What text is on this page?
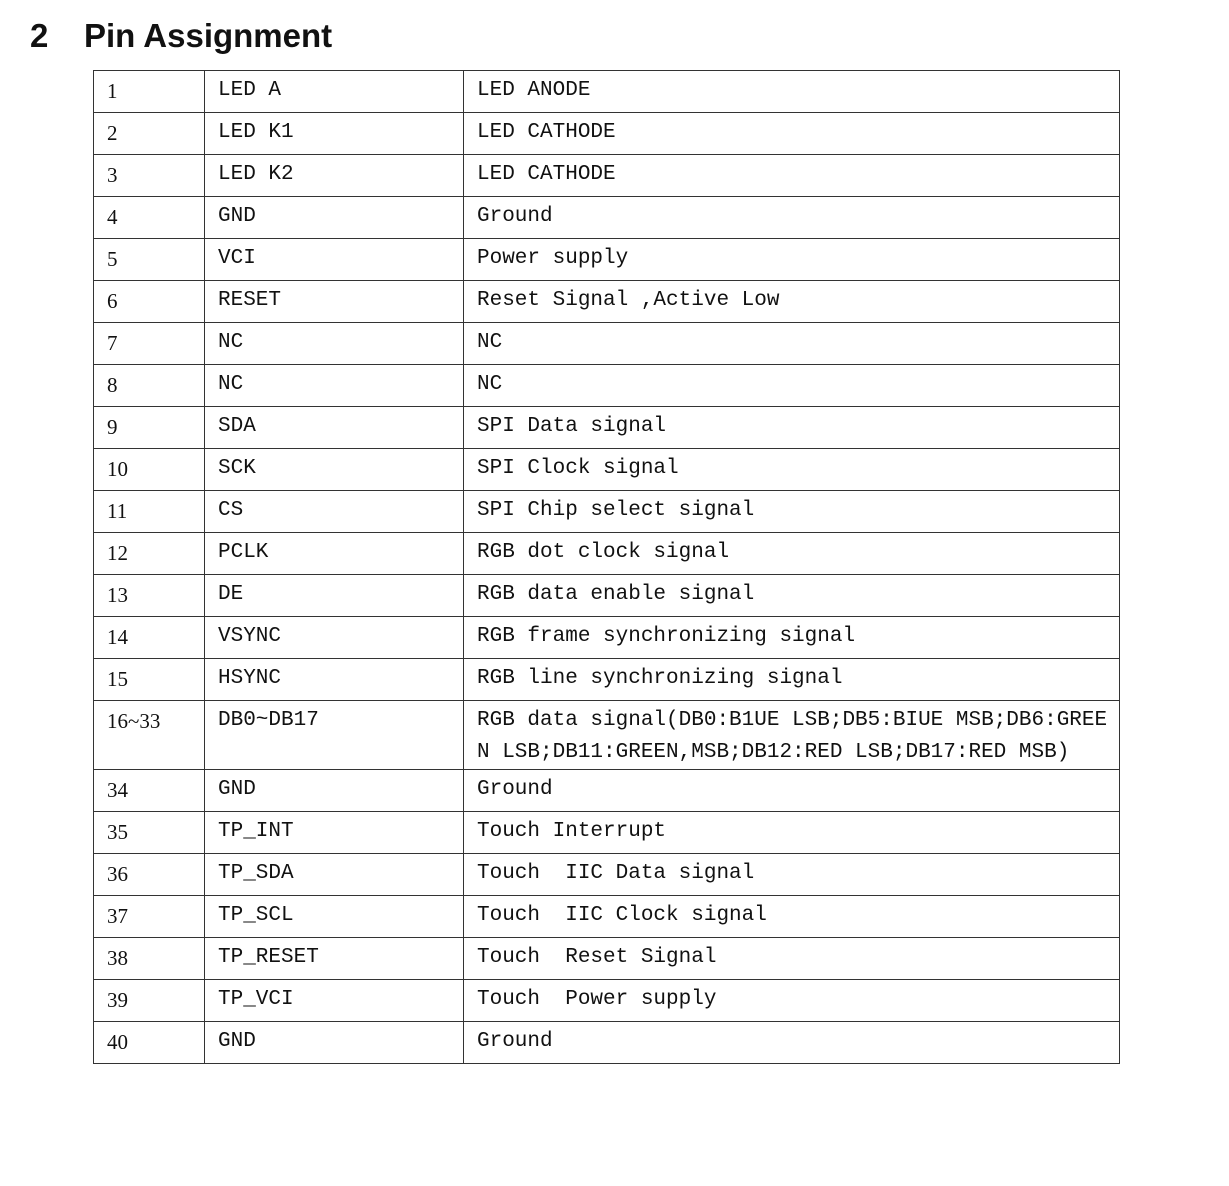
2 Pin Assignment
1	LED A	LED ANODE
2	LED K1	LED CATHODE
3	LED K2	LED CATHODE
4	GND	Ground
5	VCI	Power supply
6	RESET	Reset Signal ,Active Low
7	NC	NC
8	NC	NC
9	SDA	SPI Data signal
10	SCK	SPI Clock signal
11	CS	SPI Chip select signal
12	PCLK	RGB dot clock signal
13	DE	RGB data enable signal
14	VSYNC	RGB frame synchronizing signal
15	HSYNC	RGB line synchronizing signal
16~33	DB0~DB17	RGB data signal(DB0:B1UE LSB;DB5:BIUE MSB;DB6:GREEN LSB;DB11:GREEN,MSB;DB12:RED LSB;DB17:RED MSB)
34	GND	Ground
35	TP_INT	Touch Interrupt
36	TP_SDA	Touch  IIC Data signal
37	TP_SCL	Touch  IIC Clock signal
38	TP_RESET	Touch  Reset Signal
39	TP_VCI	Touch  Power supply
40	GND	Ground
